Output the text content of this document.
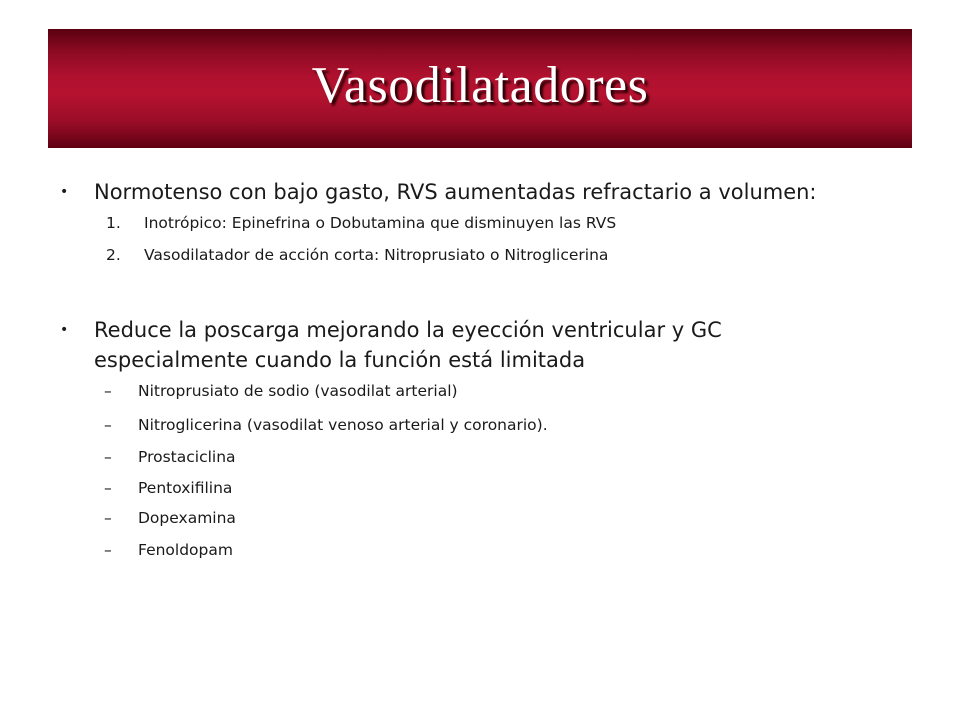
Vasodilatadores
• Normotenso con bajo gasto, RVS aumentadas refractario a volumen:
1. Inotrópico: Epinefrina o Dobutamina que disminuyen las RVS
2. Vasodilatador de acción corta: Nitroprusiato o Nitroglicerina
• Reduce la poscarga mejorando la eyección ventricular y GC
especialmente cuando la función está limitada
– Nitroprusiato de sodio (vasodilat arterial)
– Nitroglicerina (vasodilat venoso arterial y coronario).
– Prostaciclina
– Pentoxifilina
– Dopexamina
– Fenoldopam
